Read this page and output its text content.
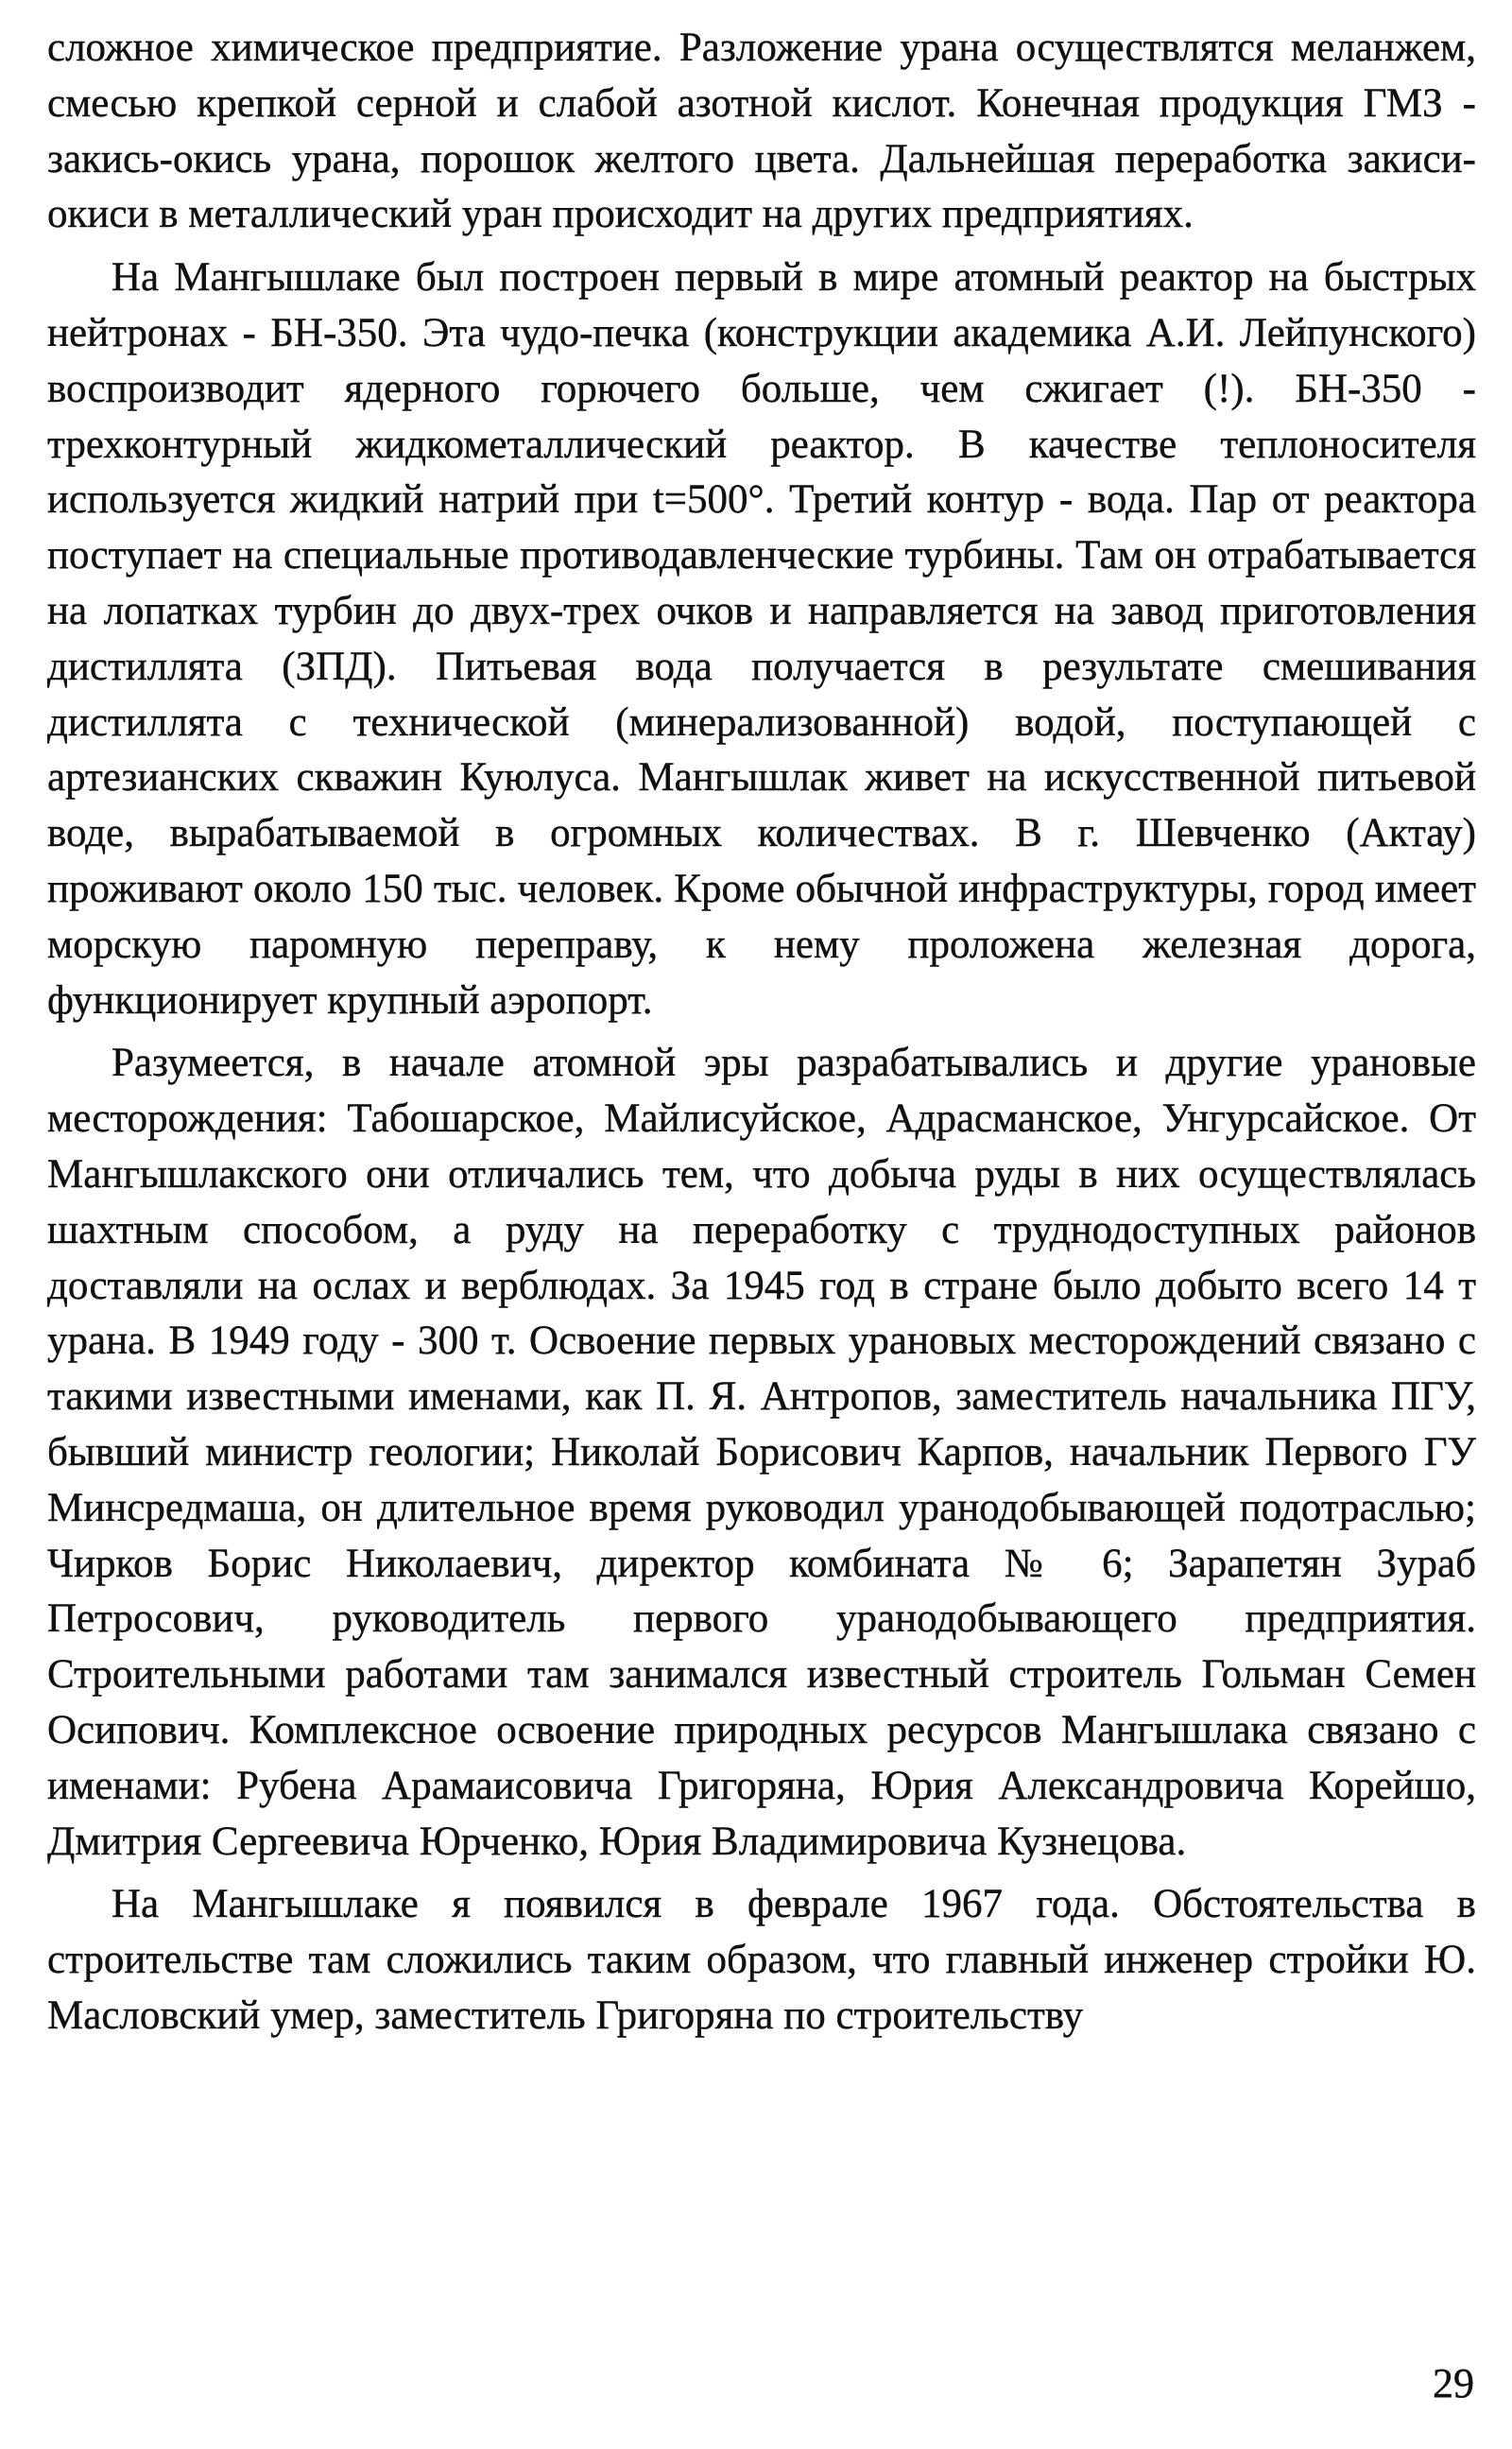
сложное химическое предприятие. Разложение урана осуществлятся меланжем, смесью крепкой серной и слабой азотной кислот. Конечная продукция ГМЗ - закись-окись урана, порошок желтого цвета. Дальнейшая переработка закиси-окиси в металлический уран происходит на других предприятиях.

На Мангышлаке был построен первый в мире атомный реактор на быстрых нейтронах - БН-350. Эта чудо-печка (конструкции академика А.И. Лейпунского) воспроизводит ядерного горючего больше, чем сжигает (!). БН-350 - трехконтурный жидкометаллический реактор. В качестве теплоносителя используется жидкий натрий при t=500°. Третий контур - вода. Пар от реактора поступает на специальные противодавленческие турбины. Там он отрабатывается на лопатках турбин до двух-трех очков и направляется на завод приготовления дистиллята (ЗПД). Питьевая вода получается в результате смешивания дистиллята с технической (минерализованной) водой, поступающей с артезианских скважин Куюлуса. Мангышлак живет на искусственной питьевой воде, вырабатываемой в огромных количествах. В г. Шевченко (Актау) проживают около 150 тыс. человек. Кроме обычной инфраструктуры, город имеет морскую паромную переправу, к нему проложена железная дорога, функционирует крупный аэропорт.

Разумеется, в начале атомной эры разрабатывались и другие урановые месторождения: Табошарское, Майлисуйское, Адрасманское, Унгурсайское. От Мангышлакского они отличались тем, что добыча руды в них осуществлялась шахтным способом, а руду на переработку с труднодоступных районов доставляли на ослах и верблюдах. За 1945 год в стране было добыто всего 14 т урана. В 1949 году - 300 т. Освоение первых урановых месторождений связано с такими известными именами, как П. Я. Антропов, заместитель начальника ПГУ, бывший министр геологии; Николай Борисович Карпов, начальник Первого ГУ Минсредмаша, он длительное время руководил уранодобывающей подотраслью; Чирков Борис Николаевич, директор комбината № 6; Зарапетян Зураб Петросович, руководитель первого уранодобывающего предприятия. Строительными работами там занимался известный строитель Гольман Семен Осипович. Комплексное освоение природных ресурсов Мангышлака связано с именами: Рубена Арамаисовича Григоряна, Юрия Александровича Корейшо, Дмитрия Сергеевича Юрченко, Юрия Владимировича Кузнецова.

На Мангышлаке я появился в феврале 1967 года. Обстоятельства в строительстве там сложились таким образом, что главный инженер стройки Ю. Масловский умер, заместитель Григоряна по строительству

29
